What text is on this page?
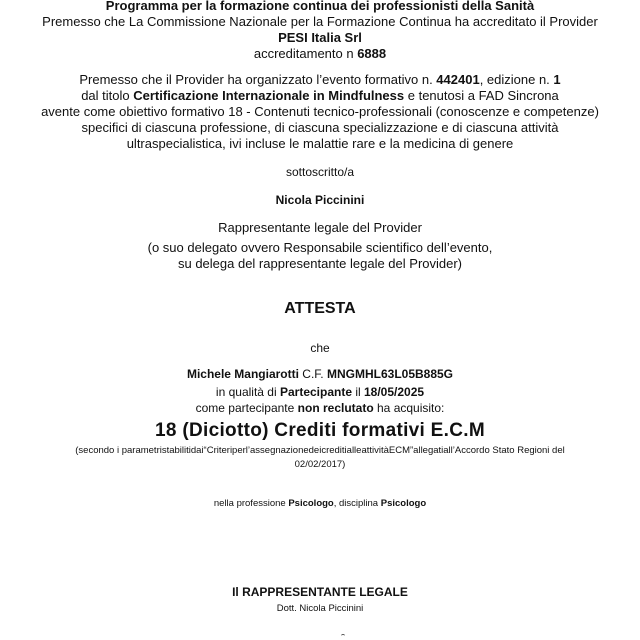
Programma per la formazione continua dei professionisti della Sanità
Premesso che La Commissione Nazionale per la Formazione Continua ha accreditato il Provider
PESI Italia Srl
accreditamento n 6888
Premesso che il Provider ha organizzato l’evento formativo n. 442401, edizione n. 1
dal titolo Certificazione Internazionale in Mindfulness e tenutosi a FAD Sincrona
avente come obiettivo formativo 18 - Contenuti tecnico-professionali (conoscenze e competenze)
specifici di ciascuna professione, di ciascuna specializzazione e di ciascuna attività
ultraspecialistica, ivi incluse le malattie rare e la medicina di genere
sottoscritto/a
Nicola Piccinini
Rappresentante legale del Provider
(o suo delegato ovvero Responsabile scientifico dell’evento,
su delega del rappresentante legale del Provider)
ATTESTA
che
Michele Mangiarotti C.F. MNGMHL63L05B885G
in qualità di Partecipante il 18/05/2025
come partecipante non reclutato ha acquisito:
18 (Diciotto) Crediti formativi E.C.M
(secondo i parametristabilitidai“Criteriperl’assegnazionedeicreditialleattivitàECM”allegatiall’Accordo Stato Regioni del
02/02/2017)
nella professione Psicologo, disciplina Psicologo
Il RAPPRESENTANTE LEGALE
Dott. Nicola Piccinini
